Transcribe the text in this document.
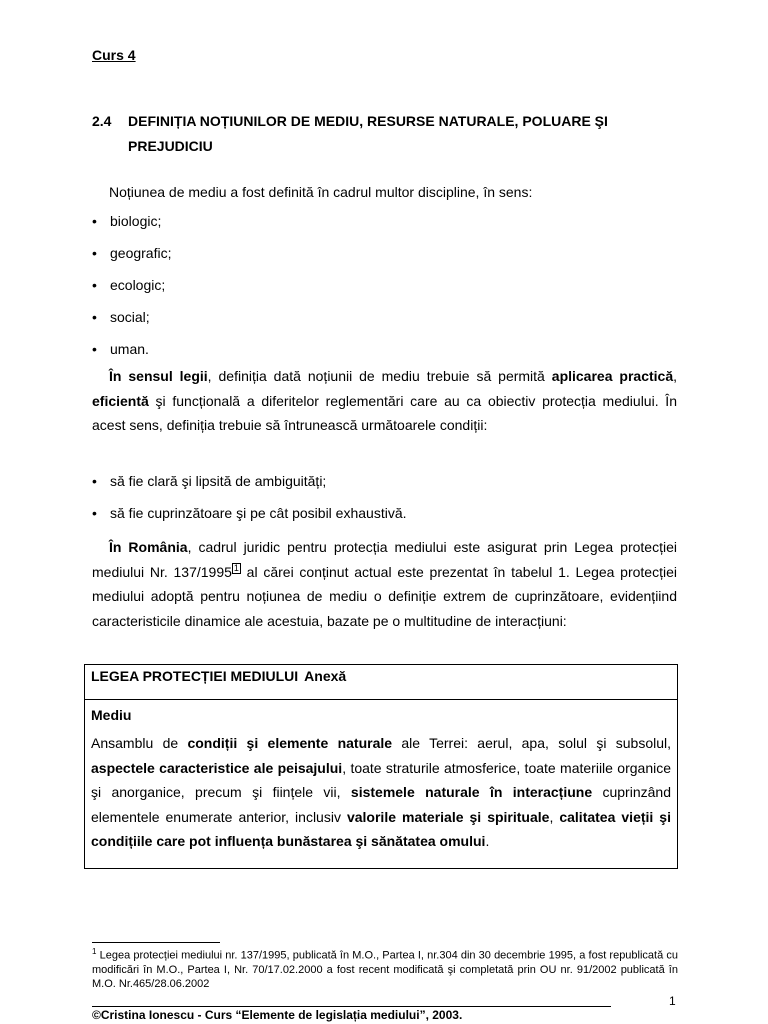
Curs 4
2.4	DEFINIȚIA NOȚIUNILOR DE MEDIU, RESURSE NATURALE, POLUARE ŞI PREJUDICIU
Noțiunea de mediu a fost definită în cadrul multor discipline, în sens:
• biologic;
• geografic;
• ecologic;
• social;
• uman.

În sensul legii, definiția dată noțiunii de mediu trebuie să permită aplicarea practică, eficientă şi funcțională a diferitelor reglementări care au ca obiectiv protecția mediului. În acest sens, definiția trebuie să întrunească următoarele condiții:

• să fie clară şi lipsită de ambiguități;
• să fie cuprinzătoare şi pe cât posibil exhaustivă.

În România, cadrul juridic pentru protecția mediului este asigurat prin Legea protecției mediului Nr. 137/1995 1 al cărei conținut actual este prezentat în tabelul 1. Legea protecției mediului adoptă pentru noțiunea de mediu o definiție extrem de cuprinzătoare, evidențiind caracteristicile dinamice ale acestuia, bazate pe o multitudine de interacțiuni:

LEGEA PROTECȚIEI MEDIULUI Anexă
Mediu
Ansamblu de condiții şi elemente naturale ale Terrei: aerul, apa, solul şi subsolul, aspectele caracteristice ale peisajului, toate straturile atmosferice, toate materiile organice şi anorganice, precum şi ființele vii, sistemele naturale în interacțiune cuprinzând elementele enumerate anterior, inclusiv valorile materiale şi spirituale, calitatea vieții şi condițiile care pot influența bunăstarea şi sănătatea omului.
$^1$ Legea protecției mediului nr. 137/1995, publicată în M.O., Partea I, nr.304 din 30 decembrie 1995, a fost republicată cu modificări în M.O., Partea I, Nr. 70/17.02.2000 a fost recent modificată şi completată prin OU nr. 91/2002 publicată în M.O. Nr.465/28.06.2002
1
©Cristina Ionescu - Curs “Elemente de legislația mediului”, 2003.
